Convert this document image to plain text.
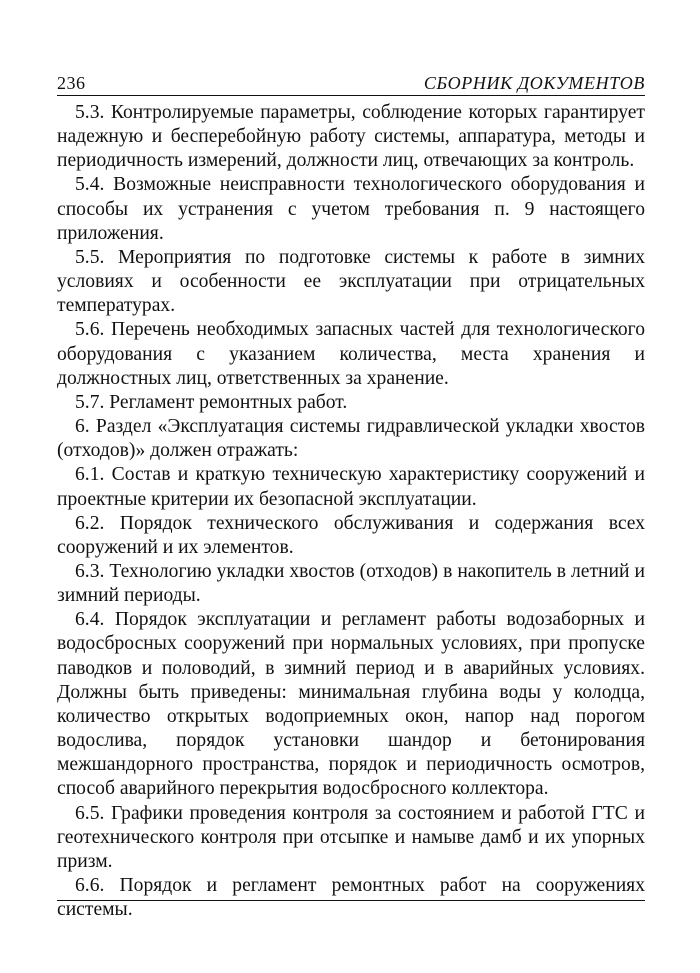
236	СБОРНИК ДОКУМЕНТОВ

5.3. Контролируемые параметры, соблюдение которых гарантирует надежную и бесперебойную работу системы, аппаратура, методы и периодичность измерений, должности лиц, отвечающих за контроль.

5.4. Возможные неисправности технологического оборудования и способы их устранения с учетом требования п. 9 настоящего приложения.

5.5. Мероприятия по подготовке системы к работе в зимних условиях и особенности ее эксплуатации при отрицательных температурах.

5.6. Перечень необходимых запасных частей для технологического оборудования с указанием количества, места хранения и должностных лиц, ответственных за хранение.

5.7. Регламент ремонтных работ.

6. Раздел «Эксплуатация системы гидравлической укладки хвостов (отходов)» должен отражать:

6.1. Состав и краткую техническую характеристику сооружений и проектные критерии их безопасной эксплуатации.

6.2. Порядок технического обслуживания и содержания всех сооружений и их элементов.

6.3. Технологию укладки хвостов (отходов) в накопитель в летний и зимний периоды.

6.4. Порядок эксплуатации и регламент работы водозаборных и водосбросных сооружений при нормальных условиях, при пропуске паводков и половодий, в зимний период и в аварийных условиях. Должны быть приведены: минимальная глубина воды у колодца, количество открытых водоприемных окон, напор над порогом водослива, порядок установки шандор и бетонирования межшандорного пространства, порядок и периодичность осмотров, способ аварийного перекрытия водосбросного коллектора.

6.5. Графики проведения контроля за состоянием и работой ГТС и геотехнического контроля при отсыпке и намыве дамб и их упорных призм.

6.6. Порядок и регламент ремонтных работ на сооружениях системы.
